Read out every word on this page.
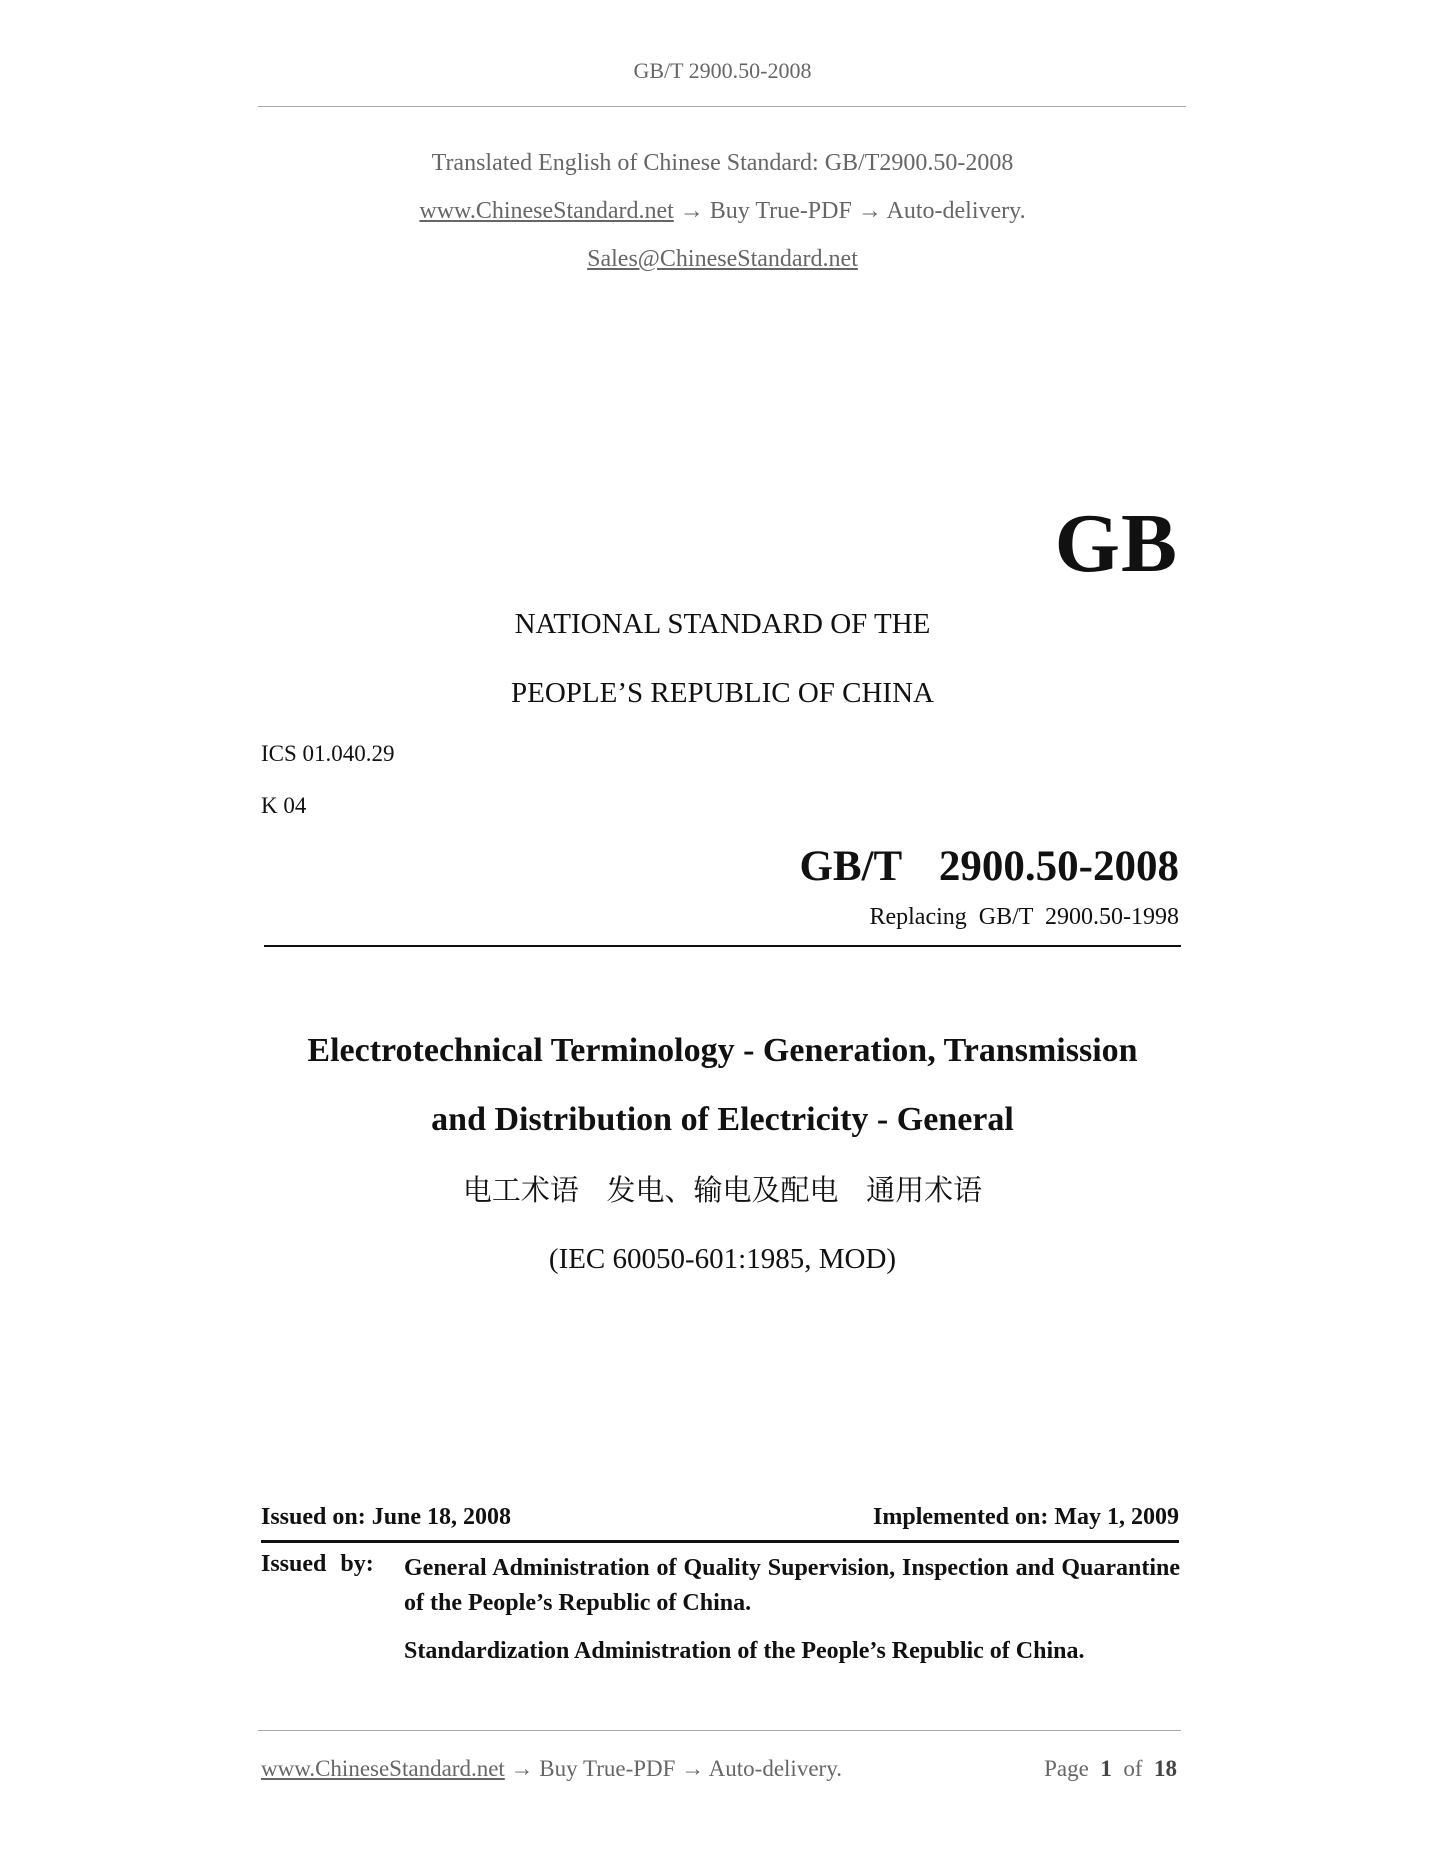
GB/T 2900.50-2008
Translated English of Chinese Standard: GB/T2900.50-2008
www.ChineseStandard.net → Buy True-PDF → Auto-delivery.
Sales@ChineseStandard.net
GB
NATIONAL STANDARD OF THE
PEOPLE’S REPUBLIC OF CHINA
ICS 01.040.29
K 04
GB/T  2900.50-2008
Replacing  GB/T  2900.50-1998
Electrotechnical Terminology - Generation, Transmission
and Distribution of Electricity - General
电工术语   发电、输电及配电   通用术语
(IEC 60050-601:1985, MOD)
Issued on: June 18, 2008	Implemented on: May 1, 2009
Issued by: General Administration of Quality Supervision, Inspection and Quarantine of the People’s Republic of China.
Standardization Administration of the People’s Republic of China.
www.ChineseStandard.net → Buy True-PDF → Auto-delivery.	Page 1 of 18
